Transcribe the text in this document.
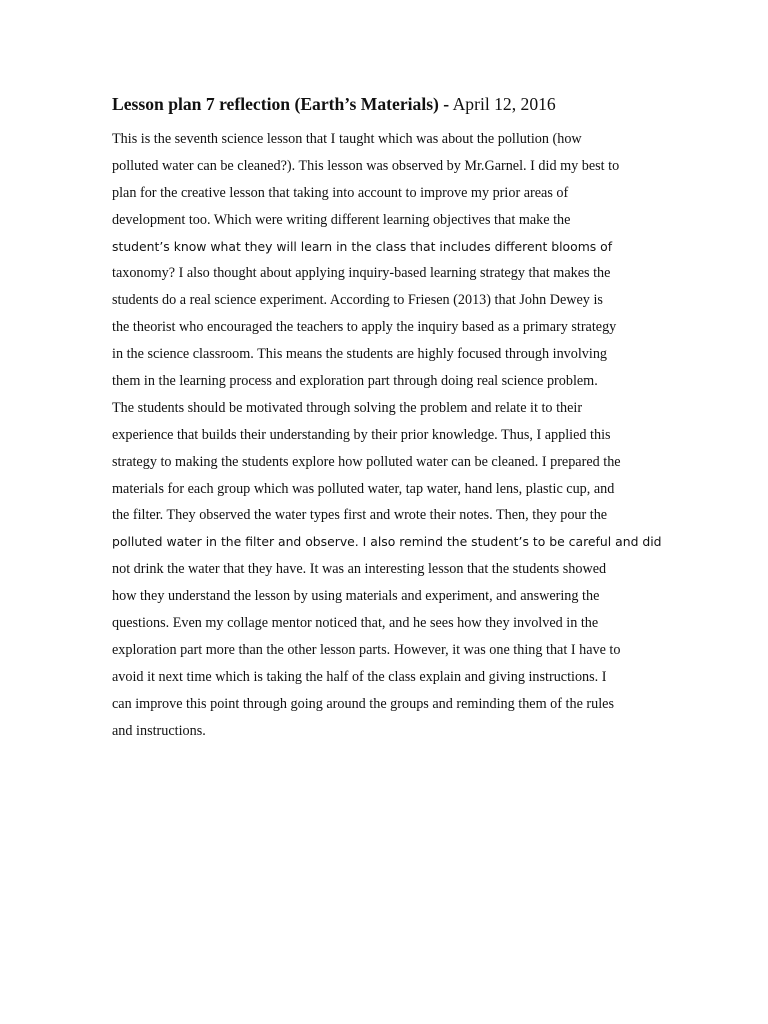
Lesson plan 7 reflection (Earth’s Materials) - April 12, 2016
This is the seventh science lesson that I taught which was about the pollution (how
polluted water can be cleaned?). This lesson was observed by Mr.Garnel. I did my best to
plan for the creative lesson that taking into account to improve my prior areas of
development too. Which were writing different learning objectives that make the
student’s know what they will learn in the class that includes different blooms of
taxonomy? I also thought about applying inquiry-based learning strategy that makes the
students do a real science experiment. According to Friesen (2013) that John Dewey is
the theorist who encouraged the teachers to apply the inquiry based as a primary strategy
in the science classroom. This means the students are highly focused through involving
them in the learning process and exploration part through doing real science problem.
The students should be motivated through solving the problem and relate it to their
experience that builds their understanding by their prior knowledge. Thus, I applied this
strategy to making the students explore how polluted water can be cleaned. I prepared the
materials for each group which was polluted water, tap water, hand lens, plastic cup, and
the filter. They observed the water types first and wrote their notes. Then, they pour the
polluted water in the filter and observe. I also remind the student’s to be careful and did
not drink the water that they have. It was an interesting lesson that the students showed
how they understand the lesson by using materials and experiment, and answering the
questions. Even my collage mentor noticed that, and he sees how they involved in the
exploration part more than the other lesson parts. However, it was one thing that I have to
avoid it next time which is taking the half of the class explain and giving instructions. I
can improve this point through going around the groups and reminding them of the rules
and instructions.
